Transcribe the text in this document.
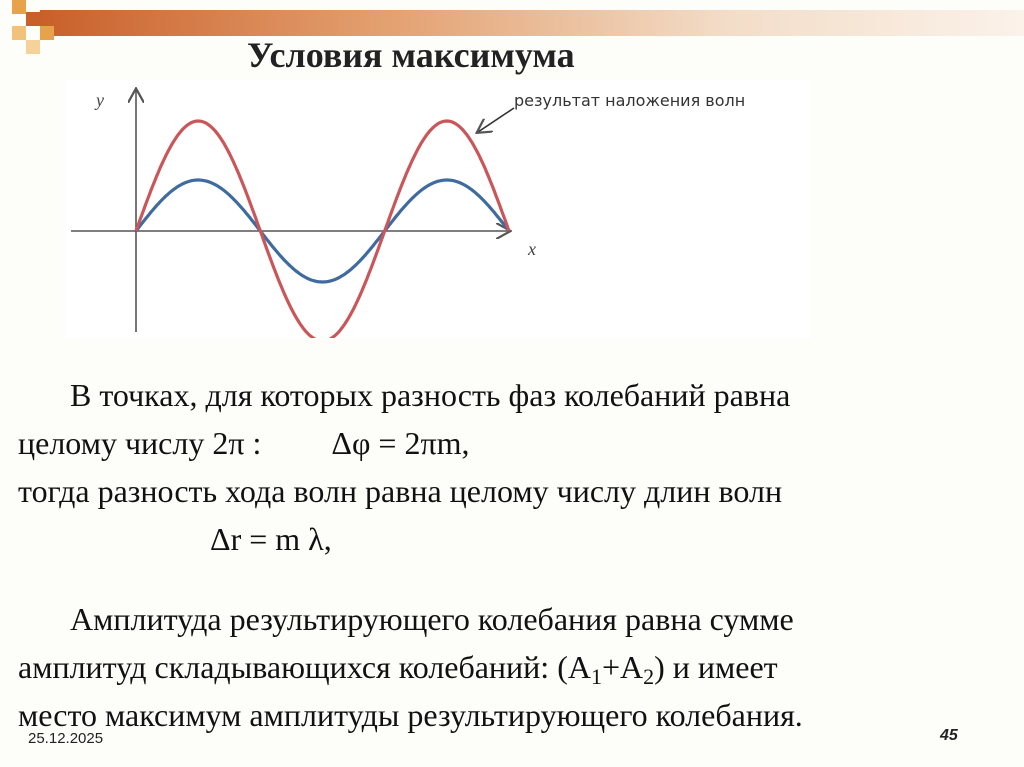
Условия максимума
y
x
результат наложения волн

В точках, для которых разность фаз колебаний равна

целому числу 2π : Δφ = 2πm,

тогда разность хода волн равна целому числу длин волн

Δr = m λ,

Амплитуда результирующего колебания равна сумме

амплитуд складывающихся колебаний: $(А_1+А_2)$ и имеет

место максимум амплитуды результирующего колебания.

25.12.2025	45
